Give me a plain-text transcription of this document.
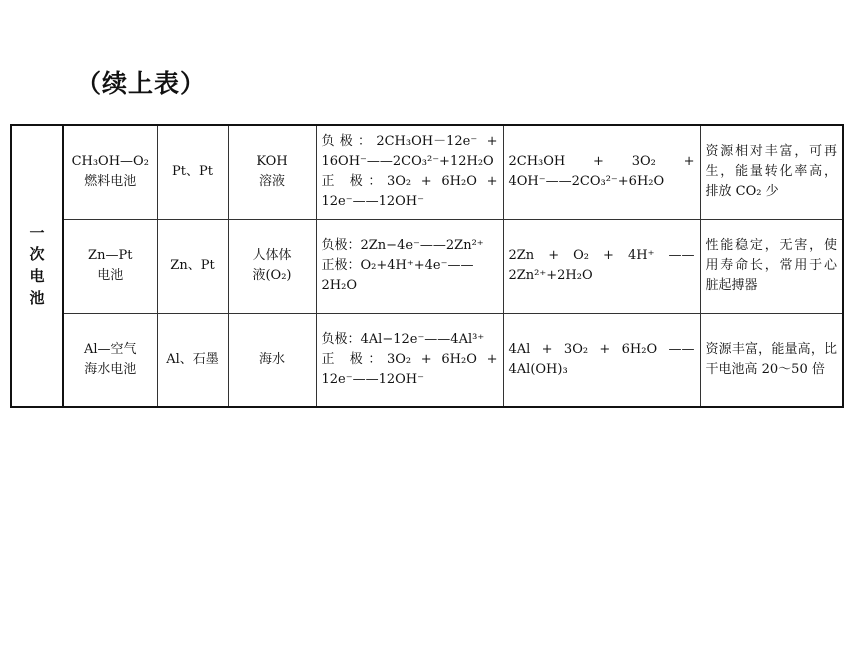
（续上表）
一
次
电
池	CH₃OH—O₂
燃料电池	Pt、Pt	KOH
溶液	负极：2CH₃OH－12e⁻ +
16OH⁻——2CO₃²⁻+12H₂O
正 极：3O₂ + 6H₂O +
12e⁻——12OH⁻	2CH₃OH　+　3O₂　+
4OH⁻——2CO₃²⁻+6H₂O	资源相对丰富，可再
生，能量转化率高，
排放 CO₂ 少

	Zn—Pt
电池	Zn、Pt	人体体
液(O₂)	负极：2Zn−4e⁻——2Zn²⁺
正极：O₂+4H⁺+4e⁻——
2H₂O	2Zn + O₂ + 4H⁺ ——
2Zn²⁺+2H₂O	性能稳定，无害，使
用寿命长，常用于心
脏起搏器

	Al—空气
海水电池	Al、石墨	海水	负极：4Al−12e⁻——4Al³⁺
正 极：3O₂ + 6H₂O +
12e⁻——12OH⁻	4Al + 3O₂ + 6H₂O ——
4Al(OH)₃	资源丰富，能量高，比
干电池高 20～50 倍
